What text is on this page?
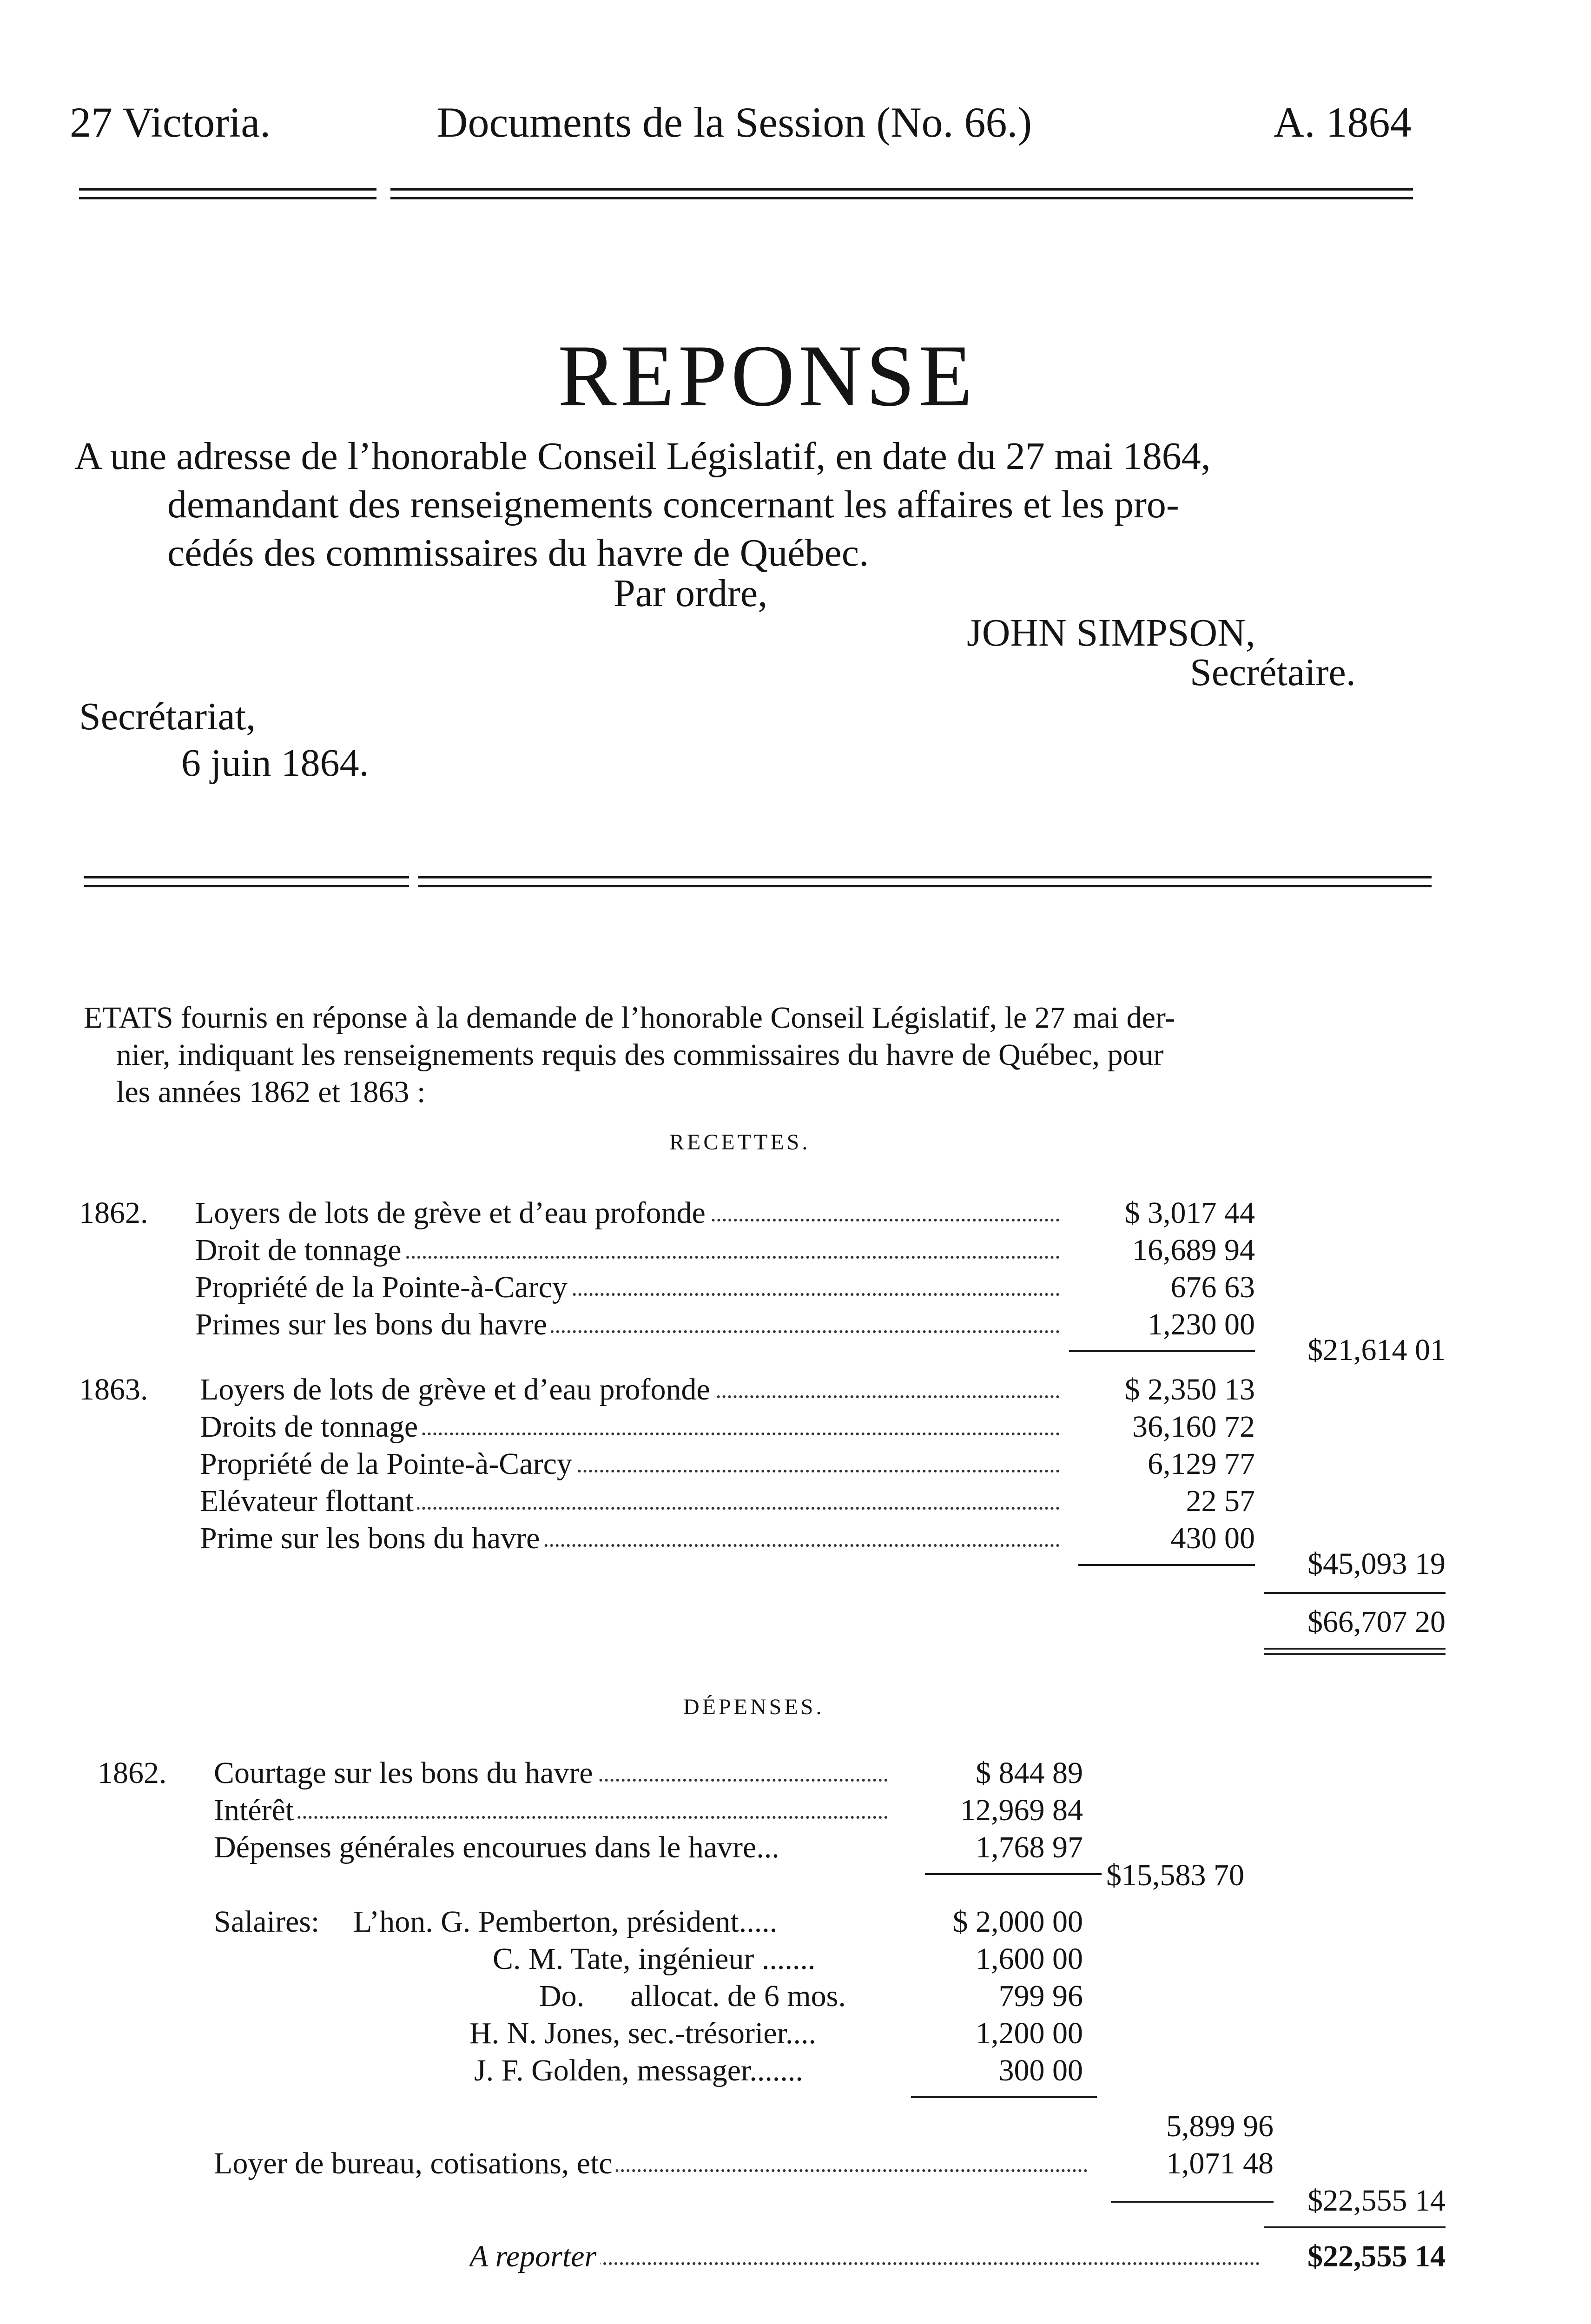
27 Victoria.	Documents de la Session (No. 66.)	A. 1864
REPONSE
A une adresse de l’honorable Conseil Législatif, en date du 27 mai 1864,
demandant des renseignements concernant les affaires et les pro-
cédés des commissaires du havre de Québec.
Par ordre,
JOHN SIMPSON,
Secrétaire.
Secrétariat,
6 juin 1864.
ETATS fournis en réponse à la demande de l’honorable Conseil Législatif, le 27 mai der-
nier, indiquant les renseignements requis des commissaires du havre de Québec, pour
les années 1862 et 1863 :
RECETTES.
1862. Loyers de lots de grève et d’eau profonde	$ 3,017 44
Droit de tonnage	16,689 94
Propriété de la Pointe-à-Carcy	676 63
Primes sur les bons du havre	1,230 00
$21,614 01
1863. Loyers de lots de grève et d’eau profonde	$ 2,350 13
Droits de tonnage	36,160 72
Propriété de la Pointe-à-Carcy	6,129 77
Elévateur flottant	22 57
Prime sur les bons du havre	430 00
$45,093 19
$66,707 20
DÉPENSES.
1862. Courtage sur les bons du havre	$ 844 89
Intérêt	12,969 84
Dépenses générales encourues dans le havre...	1,768 97
$15,583 70
Salaires: L’hon. G. Pemberton, président.....	$ 2,000 00
C. M. Tate, ingénieur .......	1,600 00
Do.      allocat. de 6 mos.	799 96
H. N. Jones, sec.-trésorier....	1,200 00
J. F. Golden, messager.......	300 00
5,899 96
Loyer de bureau, cotisations, etc	1,071 48
$22,555 14
A reporter	$22,555 14
